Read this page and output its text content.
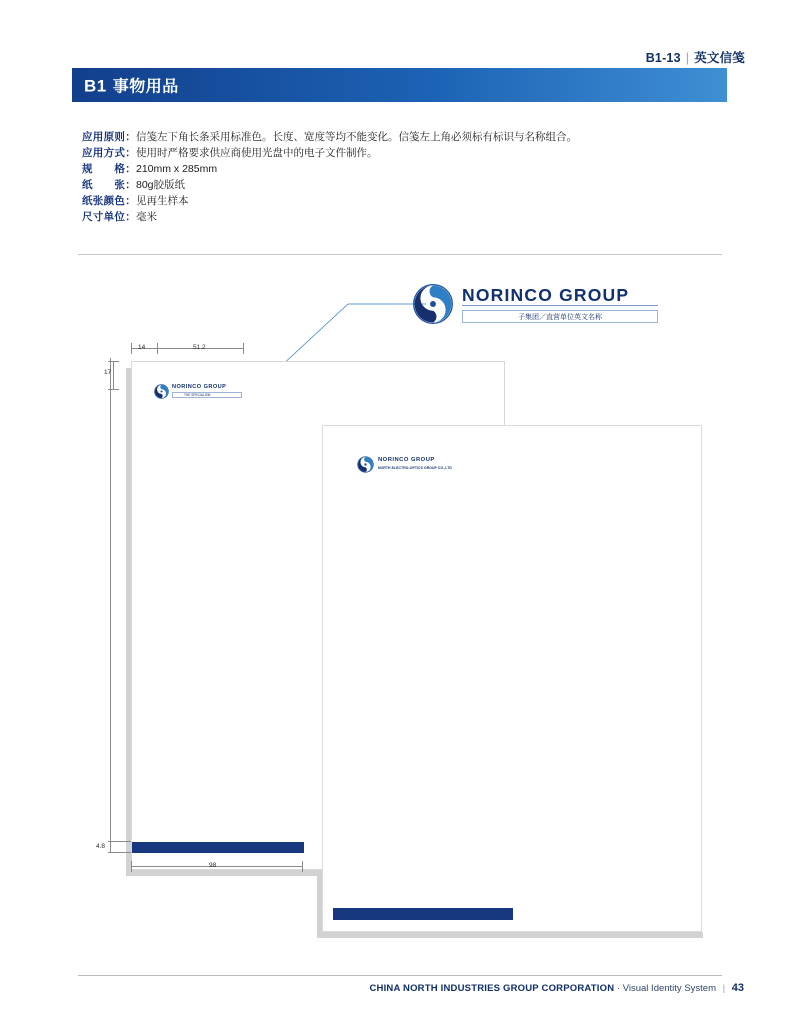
B1-13 | 英文信笺
B1 事物用品
应用原则： 信笺左下角长条采用标准色。长度、宽度等均不能变化。信笺左上角必须标有标识与名称组合。
应用方式： 使用时严格要求供应商使用光盘中的电子文件制作。
规　　格： 210mm x 285mm
纸　　张： 80g胶版纸
纸张颜色： 见再生样本
尺寸单位： 毫米
NORINCO GROUP
子集团／直营单位英文名称
NORINCO GROUP
THE SPECIALISM
NORINCO GROUP
NORTH ELECTRO-OPTICS GROUP CO.,LTD
14	51.2
17
4.8
98
CHINA NORTH INDUSTRIES GROUP CORPORATION · Visual Identity System | 43
